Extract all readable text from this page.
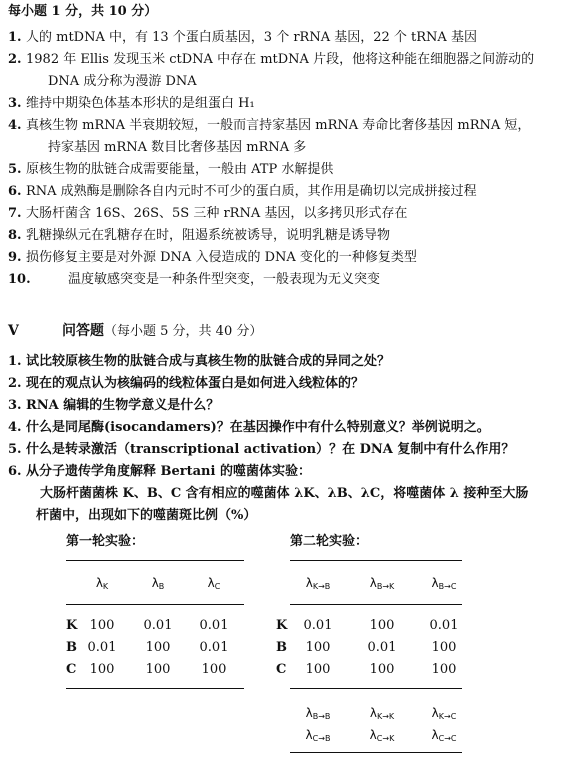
每小题 1 分，共 10 分）
1. 人的 mtDNA 中，有 13 个蛋白质基因，3 个 rRNA 基因，22 个 tRNA 基因
2. 1982 年 Ellis 发现玉米 ctDNA 中存在 mtDNA 片段，他将这种能在细胞器之间游动的
DNA 成分称为漫游 DNA
3. 维持中期染色体基本形状的是组蛋白 H₁
4. 真核生物 mRNA 半衰期较短，一般而言持家基因 mRNA 寿命比奢侈基因 mRNA 短，
持家基因 mRNA 数目比奢侈基因 mRNA 多
5. 原核生物的肽链合成需要能量，一般由 ATP 水解提供
6. RNA 成熟酶是删除各自内元时不可少的蛋白质，其作用是确切以完成拼接过程
7. 大肠杆菌含 16S、26S、5S 三种 rRNA 基因，以多拷贝形式存在
8. 乳糖操纵元在乳糖存在时，阻遏系统被诱导，说明乳糖是诱导物
9. 损伤修复主要是对外源 DNA 入侵造成的 DNA 变化的一种修复类型
10.	温度敏感突变是一种条件型突变，一般表现为无义突变
V	问答题（每小题 5 分，共 40 分）
1. 试比较原核生物的肽链合成与真核生物的肽链合成的异同之处？
2. 现在的观点认为核编码的线粒体蛋白是如何进入线粒体的？
3. RNA 编辑的生物学意义是什么？
4. 什么是同尾酶(isocandamers)？在基因操作中有什么特别意义？举例说明之。
5. 什么是转录激活（transcriptional activation）？在 DNA 复制中有什么作用？
6. 从分子遗传学角度解释 Bertani 的噬菌体实验：
大肠杆菌菌株 K、B、C 含有相应的噬菌体 λK、λB、λC，将噬菌体 λ 接种至大肠
杆菌中，出现如下的噬菌斑比例（%）
第一轮实验：
$\lambda_K$	$\lambda_B$	$\lambda_C$
K 100	0.01	0.01
B 0.01	100	0.01
C	100	100	100
第二轮实验：
$\lambda_{K\to B}$	$\lambda_{B\to K}$	$\lambda_{B\to C}$
K	0.01	100	0.01
B	100	0.01	100
C	100	100	100
$\lambda_{B\to B}$	$\lambda_{K\to K}$	$\lambda_{K\to C}$
$\lambda_{C\to B}$	$\lambda_{C\to K}$	$\lambda_{C\to C}$
